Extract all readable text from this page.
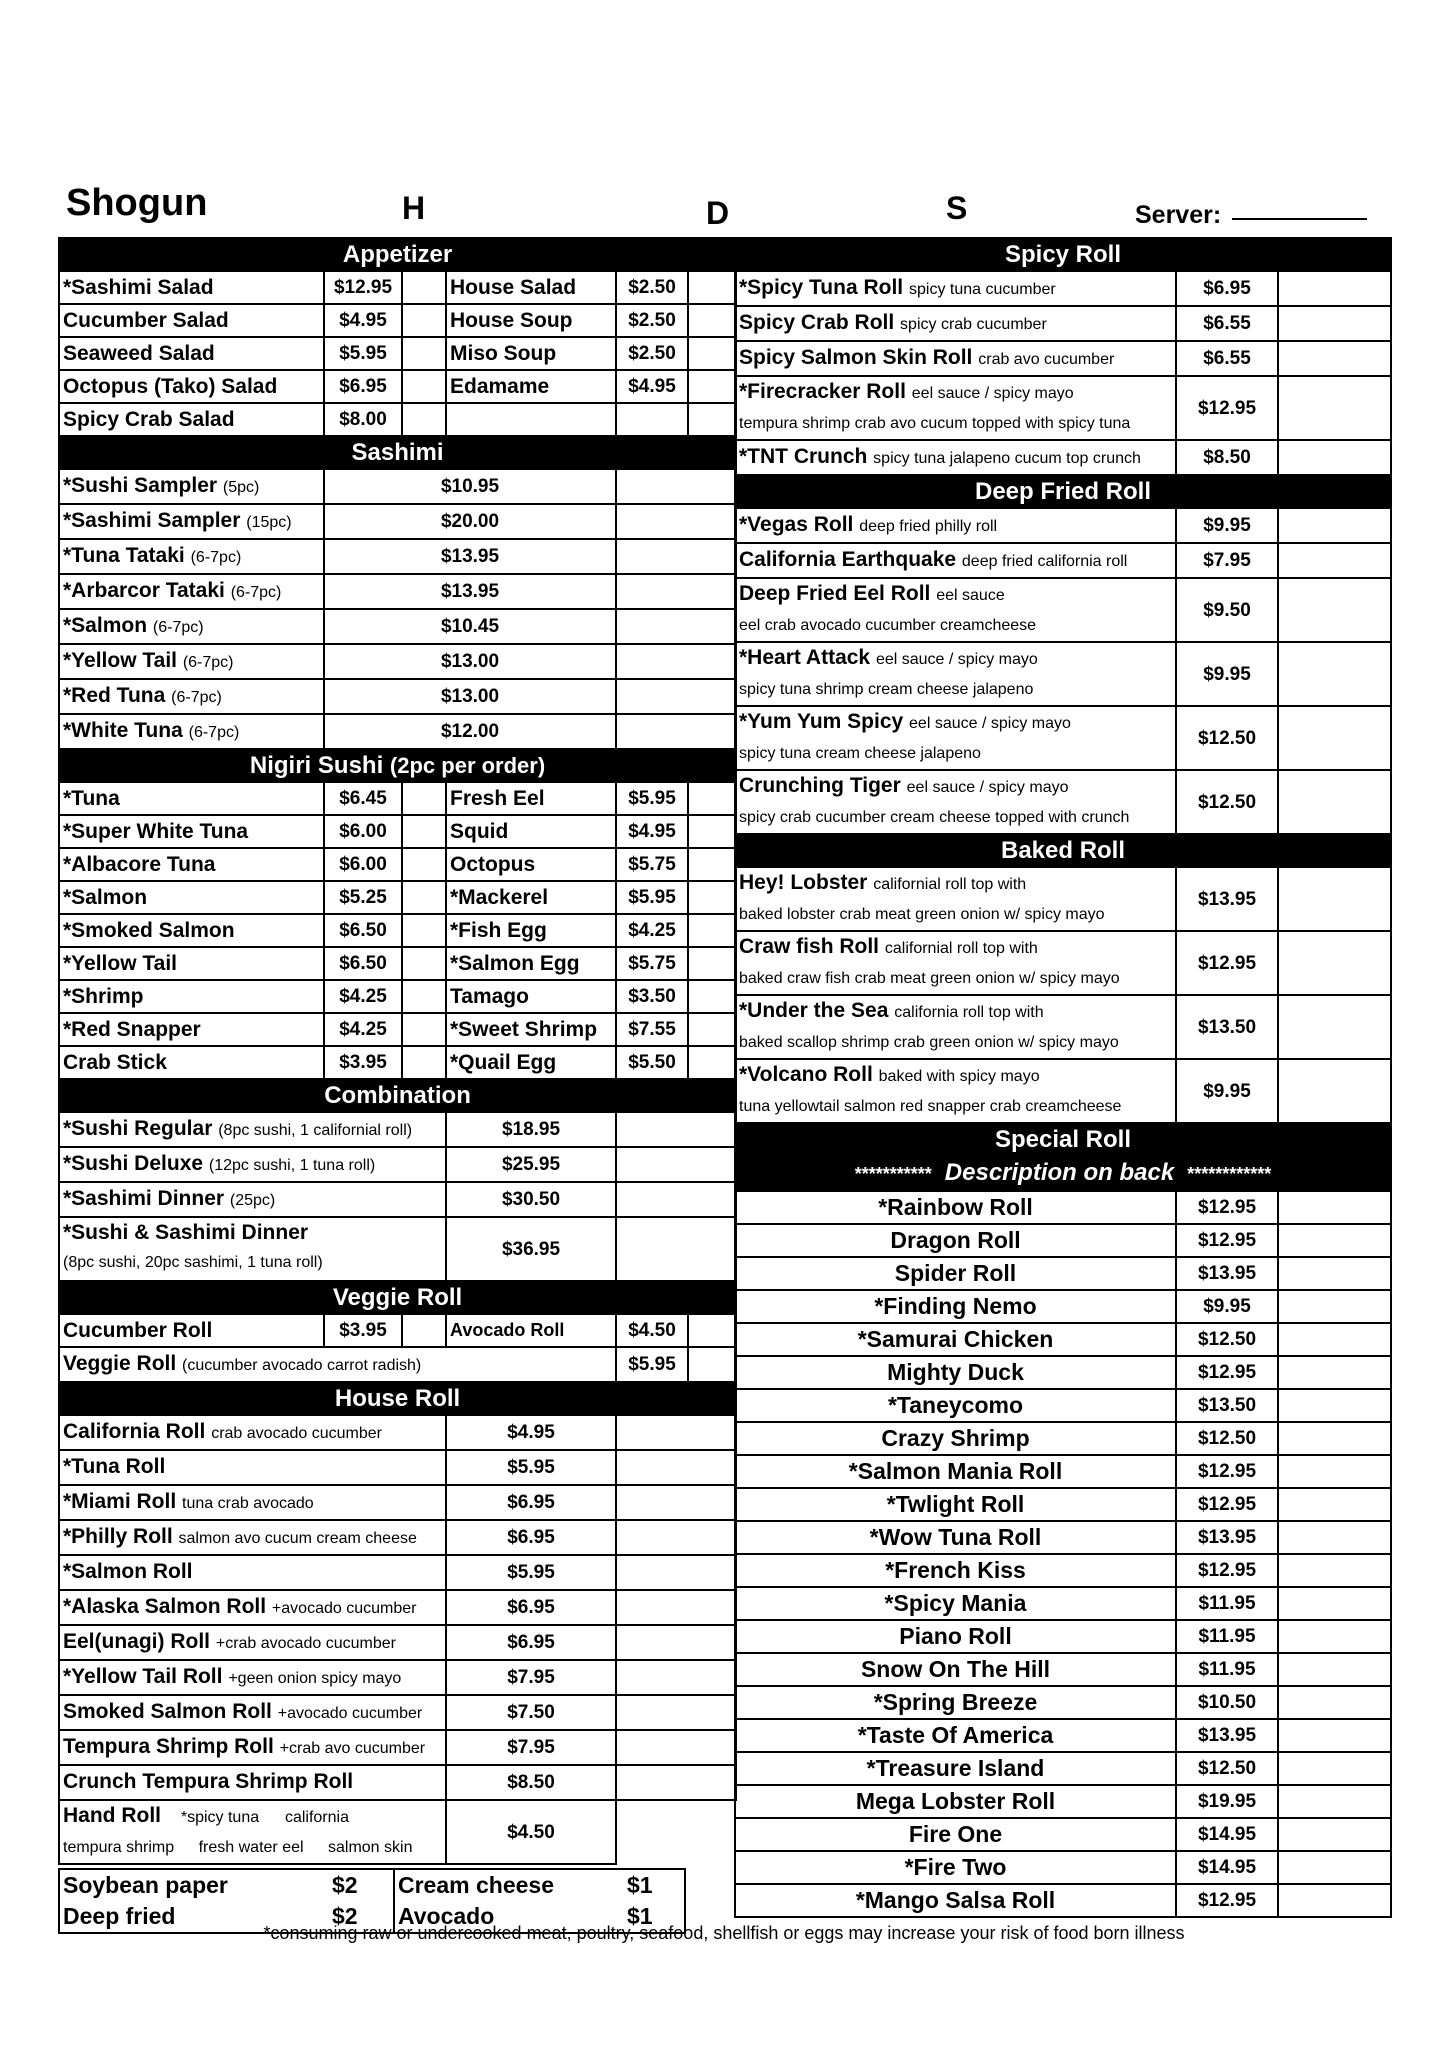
Shogun	H	D	S	Server:
Appetizer					
*Sashimi Salad	$12.95		House Salad	$2.50	
Cucumber Salad	$4.95		House Soup	$2.50	
Seaweed Salad	$5.95		Miso Soup	$2.50	
Octopus (Tako) Salad	$6.95		Edamame	$4.95	
Spicy Crab Salad	$8.00				
Sashimi					
*Sushi Sampler (5pc)	$10.95				
*Sashimi Sampler (15pc)	$20.00				
*Tuna Tataki (6-7pc)	$13.95				
*Arbarcor Tataki (6-7pc)	$13.95				
*Salmon (6-7pc)	$10.45				
*Yellow Tail (6-7pc)	$13.00				
*Red Tuna (6-7pc)	$13.00				
*White Tuna (6-7pc)	$12.00				
Nigiri Sushi (2pc per order)					
*Tuna	$6.45		Fresh Eel	$5.95	
*Super White Tuna	$6.00		Squid	$4.95	
*Albacore Tuna	$6.00		Octopus	$5.75	
*Salmon	$5.25		*Mackerel	$5.95	
*Smoked Salmon	$6.50		*Fish Egg	$4.25	
*Yellow Tail	$6.50		*Salmon Egg	$5.75	
*Shrimp	$4.25		Tamago	$3.50	
*Red Snapper	$4.25		*Sweet Shrimp	$7.55	
Crab Stick	$3.95		*Quail Egg	$5.50	
Combination					
*Sushi Regular (8pc sushi, 1 californial roll)			$18.95		
*Sushi Deluxe (12pc sushi, 1 tuna roll)			$25.95		
*Sashimi Dinner (25pc)			$30.50		
*Sushi & Sashimi Dinner
(8pc sushi, 20pc sashimi, 1 tuna roll)			$36.95		
Veggie Roll					
Cucumber Roll	$3.95		Avocado Roll	$4.50	
Veggie Roll (cucumber avocado carrot radish)				$5.95	
House Roll					
California Roll crab avocado cucumber			$4.95		
*Tuna Roll			$5.95		
*Miami Roll tuna crab avocado			$6.95		
*Philly Roll salmon avo cucum cream cheese			$6.95		
*Salmon Roll			$5.95		
*Alaska Salmon Roll +avocado cucumber			$6.95		
Eel(unagi) Roll +crab avocado cucumber			$6.95		
*Yellow Tail Roll +geen onion spicy mayo			$7.95		
Smoked Salmon Roll +avocado cucumber			$7.50		
Tempura Shrimp Roll +crab avo cucumber			$7.95		
Crunch Tempura Shrimp Roll			$8.50		
Hand Roll *spicy tuna california
tempura shrimp fresh water eel salmon skin			$4.50		
Soybean paper	$2	Cream cheese	$1
Deep fried	$2	Avocado	$1
Spicy Roll		
*Spicy Tuna Roll spicy tuna cucumber	$6.95	
Spicy Crab Roll spicy crab cucumber	$6.55	
Spicy Salmon Skin Roll crab avo cucumber	$6.55	
*Firecracker Roll eel sauce / spicy mayo
tempura shrimp crab avo cucum topped with spicy tuna	$12.95	
*TNT Crunch spicy tuna jalapeno cucum top crunch	$8.50	
Deep Fried Roll		
*Vegas Roll deep fried philly roll	$9.95	
California Earthquake deep fried california roll	$7.95	
Deep Fried Eel Roll eel sauce
eel crab avocado cucumber creamcheese	$9.50	
*Heart Attack eel sauce / spicy mayo
spicy tuna shrimp cream cheese jalapeno	$9.95	
*Yum Yum Spicy eel sauce / spicy mayo
spicy tuna cream cheese jalapeno	$12.50	
Crunching Tiger eel sauce / spicy mayo
spicy crab cucumber cream cheese topped with crunch	$12.50	
Baked Roll		
Hey! Lobster californial roll top with
baked lobster crab meat green onion w/ spicy mayo	$13.95	
Craw fish Roll californial roll top with
baked craw fish crab meat green onion w/ spicy mayo	$12.95	
*Under the Sea california roll top with
baked scallop shrimp crab green onion w/ spicy mayo	$13.50	
*Volcano Roll baked with spicy mayo
tuna yellowtail salmon red snapper crab creamcheese	$9.95	
Special Roll		
*********** Description on back ************		
*Rainbow Roll	$12.95	
Dragon Roll	$12.95	
Spider Roll	$13.95	
*Finding Nemo	$9.95	
*Samurai Chicken	$12.50	
Mighty Duck	$12.95	
*Taneycomo	$13.50	
Crazy Shrimp	$12.50	
*Salmon Mania Roll	$12.95	
*Twlight Roll	$12.95	
*Wow Tuna Roll	$13.95	
*French Kiss	$12.95	
*Spicy Mania	$11.95	
Piano Roll	$11.95	
Snow On The Hill	$11.95	
*Spring Breeze	$10.50	
*Taste Of America	$13.95	
*Treasure Island	$12.50	
Mega Lobster Roll	$19.95	
Fire One	$14.95	
*Fire Two	$14.95	
*Mango Salsa Roll	$12.95	
*consuming raw or undercooked meat, poultry, seafood, shellfish or eggs may increase your risk of food born illness
